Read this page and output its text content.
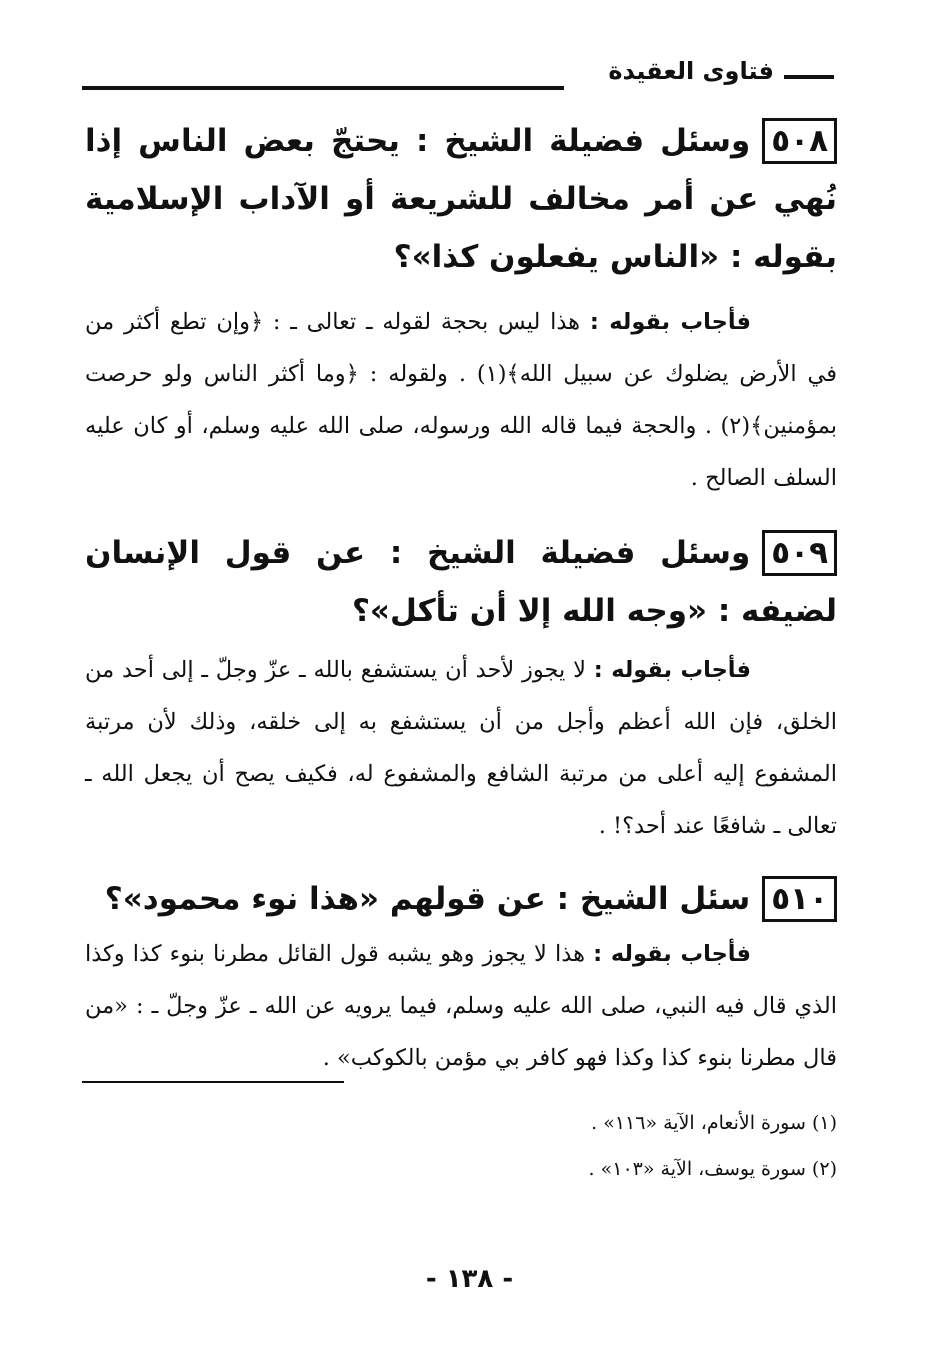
فتاوى العقيدة

٥٠٨وسئل فضيلة الشيخ : يحتجّ بعض الناس إذا نُهي عن أمر مخالف للشريعة أو الآداب الإسلامية بقوله : «الناس يفعلون كذا»؟

فأجاب بقوله : هذا ليس بحجة لقوله ـ تعالى ـ : ﴿وإن تطع أكثر من في الأرض يضلوك عن سبيل الله﴾(١) . ولقوله : ﴿وما أكثر الناس ولو حرصت بمؤمنين﴾(٢) . والحجة فيما قاله الله ورسوله، صلى الله عليه وسلم، أو كان عليه السلف الصالح .

٥٠٩وسئل فضيلة الشيخ : عن قول الإنسان لضيفه : «وجه الله إلا أن تأكل»؟

فأجاب بقوله : لا يجوز لأحد أن يستشفع بالله ـ عزّ وجلّ ـ إلى أحد من الخلق، فإن الله أعظم وأجل من أن يستشفع به إلى خلقه، وذلك لأن مرتبة المشفوع إليه أعلى من مرتبة الشافع والمشفوع له، فكيف يصح أن يجعل الله ـ تعالى ـ شافعًا عند أحد؟! .

٥١٠سئل الشيخ : عن قولهم «هذا نوء محمود»؟

فأجاب بقوله : هذا لا يجوز وهو يشبه قول القائل مطرنا بنوء كذا وكذا الذي قال فيه النبي، صلى الله عليه وسلم، فيما يرويه عن الله ـ عزّ وجلّ ـ : «من قال مطرنا بنوء كذا وكذا فهو كافر بي مؤمن بالكوكب» .

(١) سورة الأنعام، الآية «١١٦» .
(٢) سورة يوسف، الآية «١٠٣» .
- ١٣٨ -
